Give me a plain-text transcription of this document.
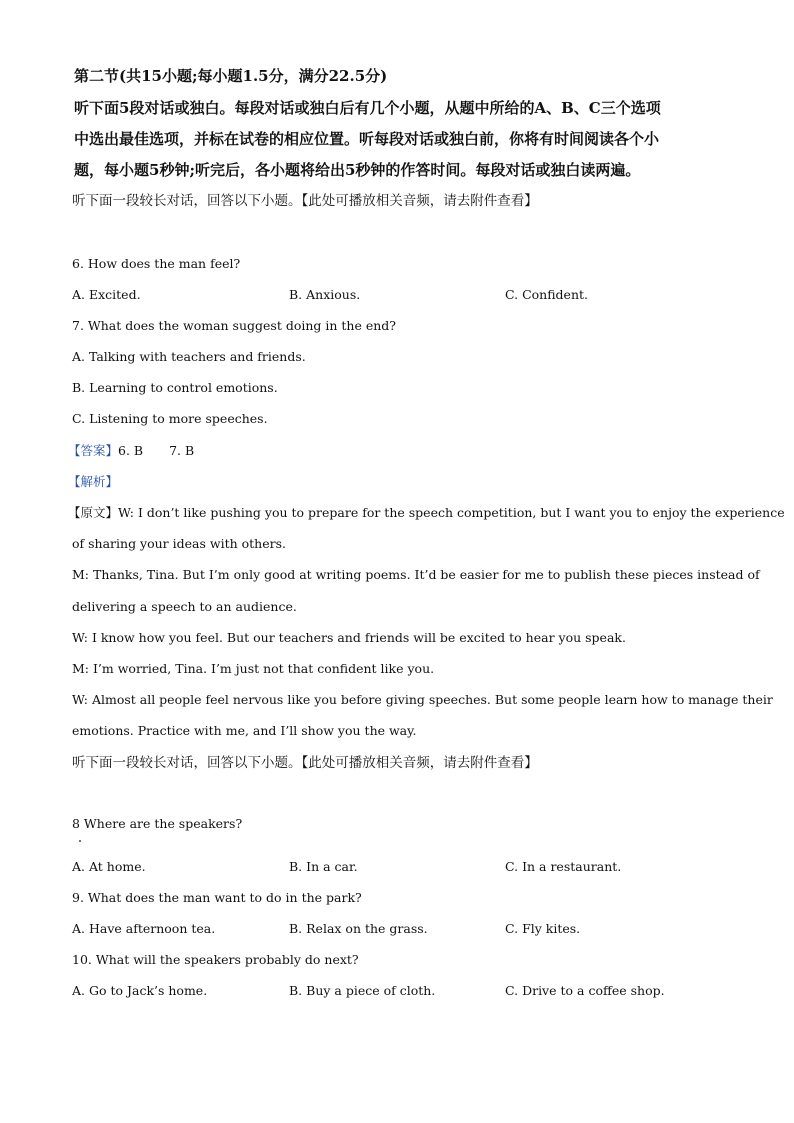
第二节(共15小题;每小题1.5分，满分22.5分)
听下面5段对话或独白。每段对话或独白后有几个小题，从题中所给的A、B、C三个选项
中选出最佳选项，并标在试卷的相应位置。听每段对话或独白前，你将有时间阅读各个小
题，每小题5秒钟;听完后，各小题将给出5秒钟的作答时间。每段对话或独白读两遍。
听下面一段较长对话，回答以下小题。【此处可播放相关音频，请去附件查看】
6. How does the man feel?
A. Excited.	B. Anxious.	C. Confident.
7. What does the woman suggest doing in the end?
A. Talking with teachers and friends.
B. Learning to control emotions.
C. Listening to more speeches.
【答案】6. B 7. B
【解析】
【原文】W: I don’t like pushing you to prepare for the speech competition, but I want you to enjoy the experience
of sharing your ideas with others.
M: Thanks, Tina. But I’m only good at writing poems. It’d be easier for me to publish these pieces instead of
delivering a speech to an audience.
W: I know how you feel. But our teachers and friends will be excited to hear you speak.
M: I’m worried, Tina. I’m just not that confident like you.
W: Almost all people feel nervous like you before giving speeches. But some people learn how to manage their
emotions. Practice with me, and I’ll show you the way.
听下面一段较长对话，回答以下小题。【此处可播放相关音频，请去附件查看】
8 Where are the speakers?
A. At home.	B. In a car.	C. In a restaurant.
9. What does the man want to do in the park?
A. Have afternoon tea.	B. Relax on the grass.	C. Fly kites.
10. What will the speakers probably do next?
A. Go to Jack’s home.	B. Buy a piece of cloth.	C. Drive to a coffee shop.
